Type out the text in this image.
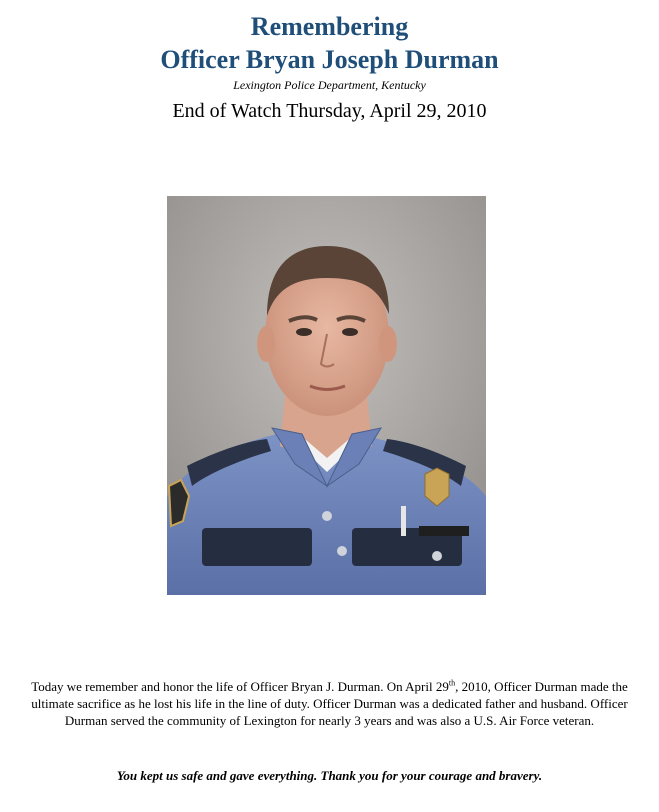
Remembering
Officer Bryan Joseph Durman
Lexington Police Department, Kentucky
End of Watch Thursday, April 29, 2010
Today we remember and honor the life of Officer Bryan J. Durman. On April 29th, 2010, Officer Durman made the ultimate sacrifice as he lost his life in the line of duty. Officer Durman was a dedicated father and husband. Officer Durman served the community of Lexington for nearly 3 years and was also a U.S. Air Force veteran.
You kept us safe and gave everything. Thank you for your courage and bravery.
